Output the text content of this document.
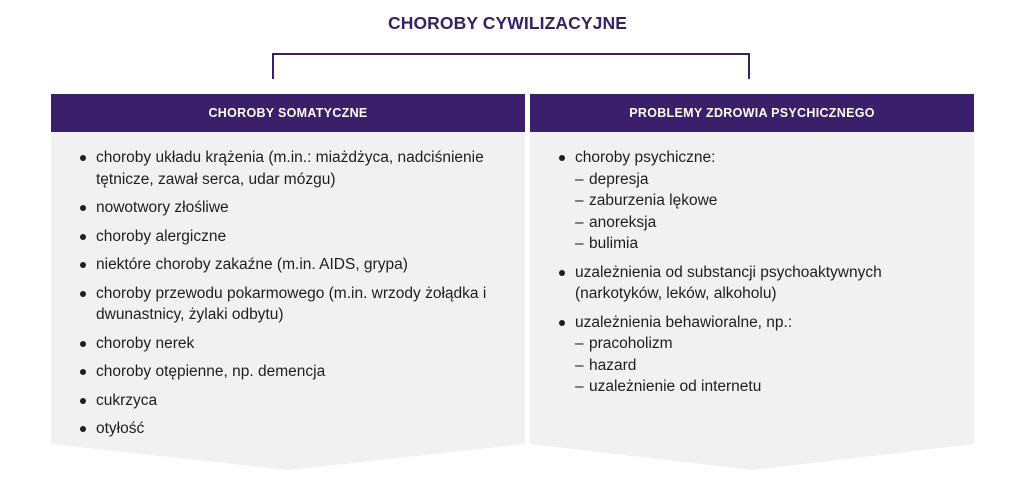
CHOROBY CYWILIZACYJNE
CHOROBY SOMATYCZNE
choroby układu krążenia (m.in.: miażdżyca, nadciśnienie tętnicze, zawał serca, udar mózgu)
nowotwory złośliwe
choroby alergiczne
niektóre choroby zakaźne (m.in. AIDS, grypa)
choroby przewodu pokarmowego (m.in. wrzody żołądka i dwunastnicy, żylaki odbytu)
choroby nerek
choroby otępienne, np. demencja
cukrzyca
otyłość
PROBLEMY ZDROWIA PSYCHICZNEGO
choroby psychiczne:
– depresja
– zaburzenia lękowe
– anoreksja
– bulimia
uzależnienia od substancji psychoaktywnych (narkotyków, leków, alkoholu)
uzależnienia behawioralne, np.:
– pracoholizm
– hazard
– uzależnienie od internetu
